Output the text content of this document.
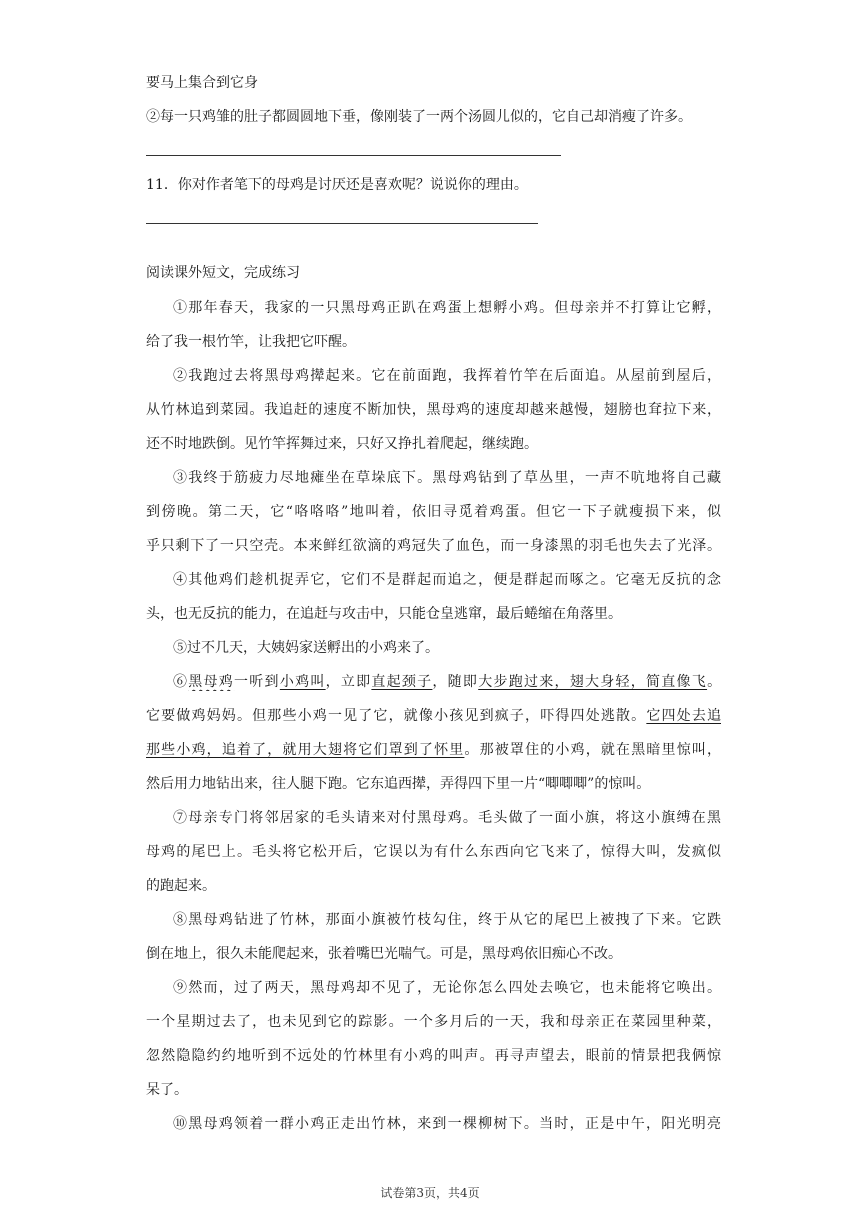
要马上集合到它身
②每一只鸡雏的肚子都圆圆地下垂，像刚装了一两个汤圆儿似的，它自己却消瘦了许多。
11．你对作者笔下的母鸡是讨厌还是喜欢呢？说说你的理由。
阅读课外短文，完成练习
①那年春天，我家的一只黑母鸡正趴在鸡蛋上想孵小鸡。但母亲并不打算让它孵，
给了我一根竹竿，让我把它吓醒。
②我跑过去将黑母鸡撵起来。它在前面跑，我挥着竹竿在后面追。从屋前到屋后，
从竹林追到菜园。我追赶的速度不断加快，黑母鸡的速度却越来越慢，翅膀也耷拉下来，
还不时地跌倒。见竹竿挥舞过来，只好又挣扎着爬起，继续跑。
③我终于筋疲力尽地瘫坐在草垛底下。黑母鸡钻到了草丛里，一声不吭地将自己藏
到傍晚。第二天，它“咯咯咯”地叫着，依旧寻觅着鸡蛋。但它一下子就瘦损下来，似
乎只剩下了一只空壳。本来鲜红欲滴的鸡冠失了血色，而一身漆黑的羽毛也失去了光泽。
④其他鸡们趁机捉弄它，它们不是群起而追之，便是群起而啄之。它毫无反抗的念
头，也无反抗的能力，在追赶与攻击中，只能仓皇逃窜，最后蜷缩在角落里。
⑤过不几天，大姨妈家送孵出的小鸡来了。
⑥黑母鸡一听到小鸡叫，立即直起颈子，随即大步跑过来，翅大身轻，简直像飞。
它要做鸡妈妈。但那些小鸡一见了它，就像小孩见到疯子，吓得四处逃散。它四处去追
那些小鸡，追着了，就用大翅将它们罩到了怀里。那被罩住的小鸡，就在黑暗里惊叫，
然后用力地钻出来，往人腿下跑。它东追西撵，弄得四下里一片“唧唧唧”的惊叫。
⑦母亲专门将邻居家的毛头请来对付黑母鸡。毛头做了一面小旗，将这小旗缚在黑
母鸡的尾巴上。毛头将它松开后，它误以为有什么东西向它飞来了，惊得大叫，发疯似
的跑起来。
⑧黑母鸡钻进了竹林，那面小旗被竹枝勾住，终于从它的尾巴上被拽了下来。它跌
倒在地上，很久未能爬起来，张着嘴巴光喘气。可是，黑母鸡依旧痴心不改。
⑨然而，过了两天，黑母鸡却不见了，无论你怎么四处去唤它，也未能将它唤出。
一个星期过去了，也未见到它的踪影。一个多月后的一天，我和母亲正在菜园里种菜，
忽然隐隐约约地听到不远处的竹林里有小鸡的叫声。再寻声望去，眼前的情景把我俩惊
呆了。
⑩黑母鸡领着一群小鸡正走出竹林，来到一棵柳树下。当时，正是中午，阳光明亮
试卷第3页，共4页
